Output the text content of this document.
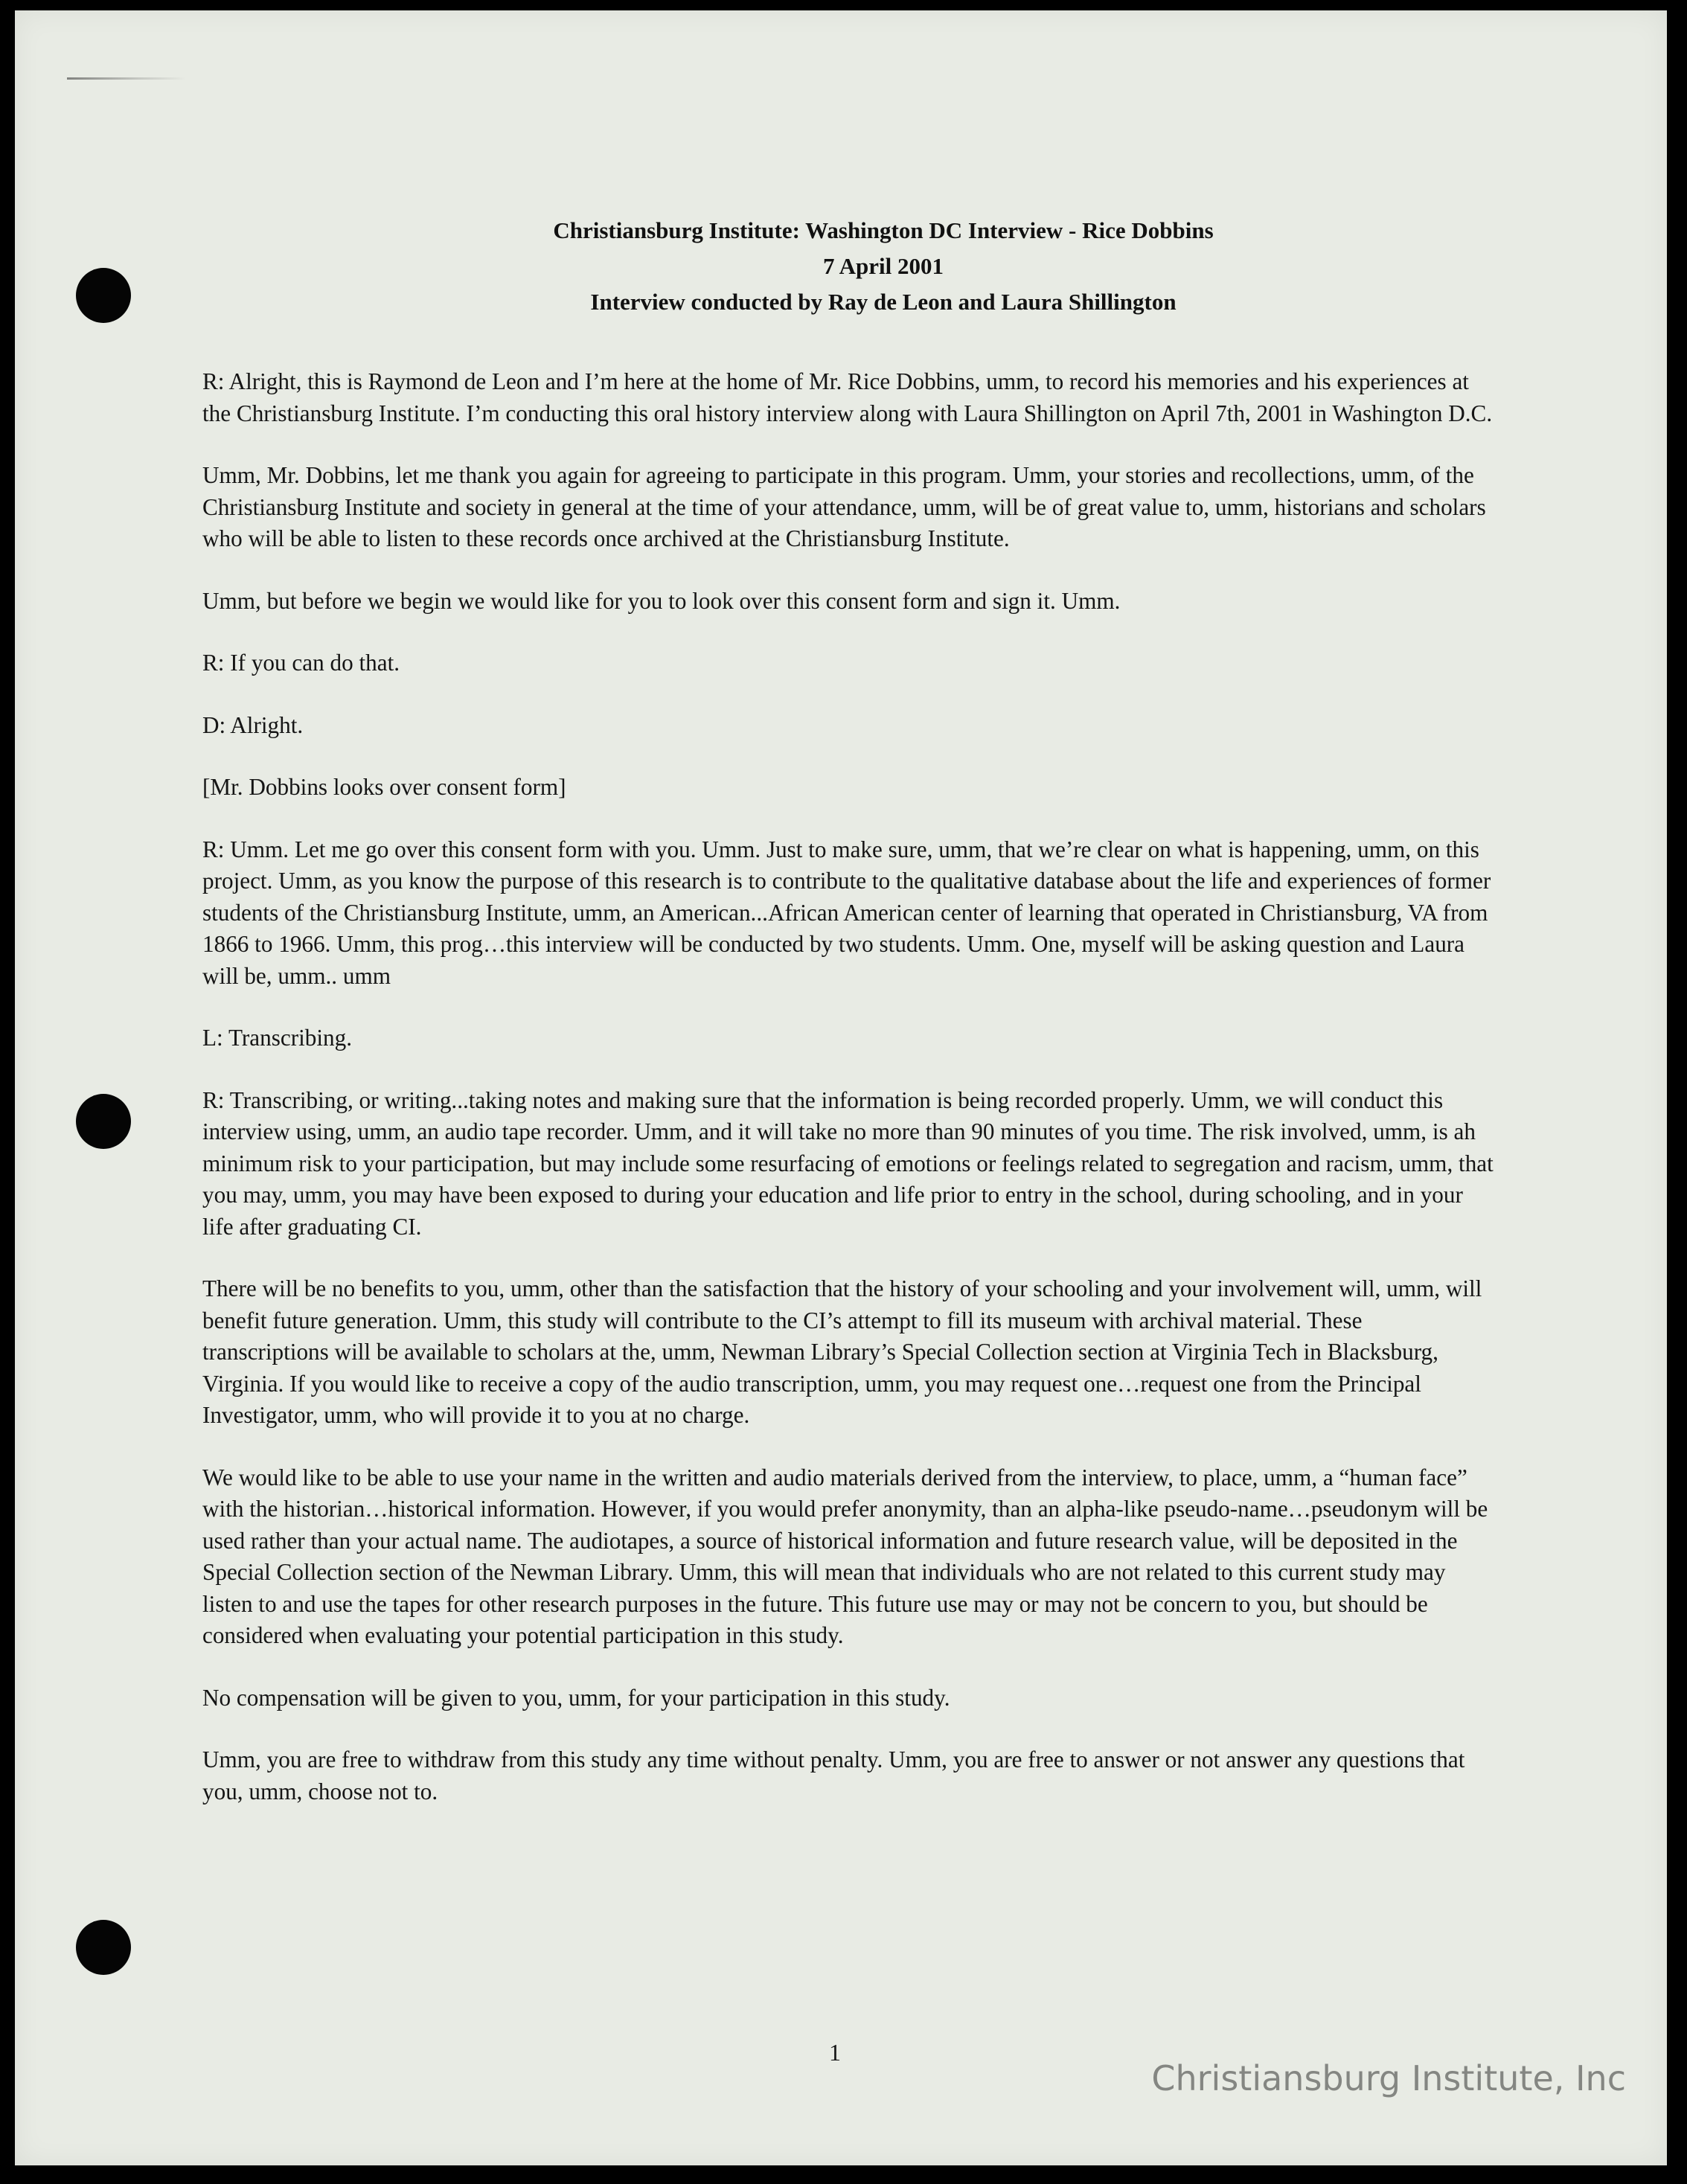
Christiansburg Institute: Washington DC Interview - Rice Dobbins
7 April 2001
Interview conducted by Ray de Leon and Laura Shillington

R: Alright, this is Raymond de Leon and I’m here at the home of Mr. Rice Dobbins, umm, to record his memories and his experiences at the Christiansburg Institute. I’m conducting this oral history interview along with Laura Shillington on April 7th, 2001 in Washington D.C.

Umm, Mr. Dobbins, let me thank you again for agreeing to participate in this program. Umm, your stories and recollections, umm, of the Christiansburg Institute and society in general at the time of your attendance, umm, will be of great value to, umm, historians and scholars who will be able to listen to these records once archived at the Christiansburg Institute.

Umm, but before we begin we would like for you to look over this consent form and sign it. Umm.

R: If you can do that.

D: Alright.

[Mr. Dobbins looks over consent form]

R: Umm. Let me go over this consent form with you. Umm. Just to make sure, umm, that we’re clear on what is happening, umm, on this project. Umm, as you know the purpose of this research is to contribute to the qualitative database about the life and experiences of former students of the Christiansburg Institute, umm, an American...African American center of learning that operated in Christiansburg, VA from 1866 to 1966. Umm, this prog…this interview will be conducted by two students. Umm. One, myself will be asking question and Laura will be, umm.. umm

L: Transcribing.

R: Transcribing, or writing...taking notes and making sure that the information is being recorded properly. Umm, we will conduct this interview using, umm, an audio tape recorder. Umm, and it will take no more than 90 minutes of you time. The risk involved, umm, is ah minimum risk to your participation, but may include some resurfacing of emotions or feelings related to segregation and racism, umm, that you may, umm, you may have been exposed to during your education and life prior to entry in the school, during schooling, and in your life after graduating CI.

There will be no benefits to you, umm, other than the satisfaction that the history of your schooling and your involvement will, umm, will benefit future generation. Umm, this study will contribute to the CI’s attempt to fill its museum with archival material. These transcriptions will be available to scholars at the, umm, Newman Library’s Special Collection section at Virginia Tech in Blacksburg, Virginia. If you would like to receive a copy of the audio transcription, umm, you may request one…request one from the Principal Investigator, umm, who will provide it to you at no charge.

We would like to be able to use your name in the written and audio materials derived from the interview, to place, umm, a “human face” with the historian…historical information. However, if you would prefer anonymity, than an alpha-like pseudo-name…pseudonym will be used rather than your actual name. The audiotapes, a source of historical information and future research value, will be deposited in the Special Collection section of the Newman Library. Umm, this will mean that individuals who are not related to this current study may listen to and use the tapes for other research purposes in the future. This future use may or may not be concern to you, but should be considered when evaluating your potential participation in this study.

No compensation will be given to you, umm, for your participation in this study.

Umm, you are free to withdraw from this study any time without penalty. Umm, you are free to answer or not answer any questions that you, umm, choose not to.

1
Christiansburg Institute, Inc
